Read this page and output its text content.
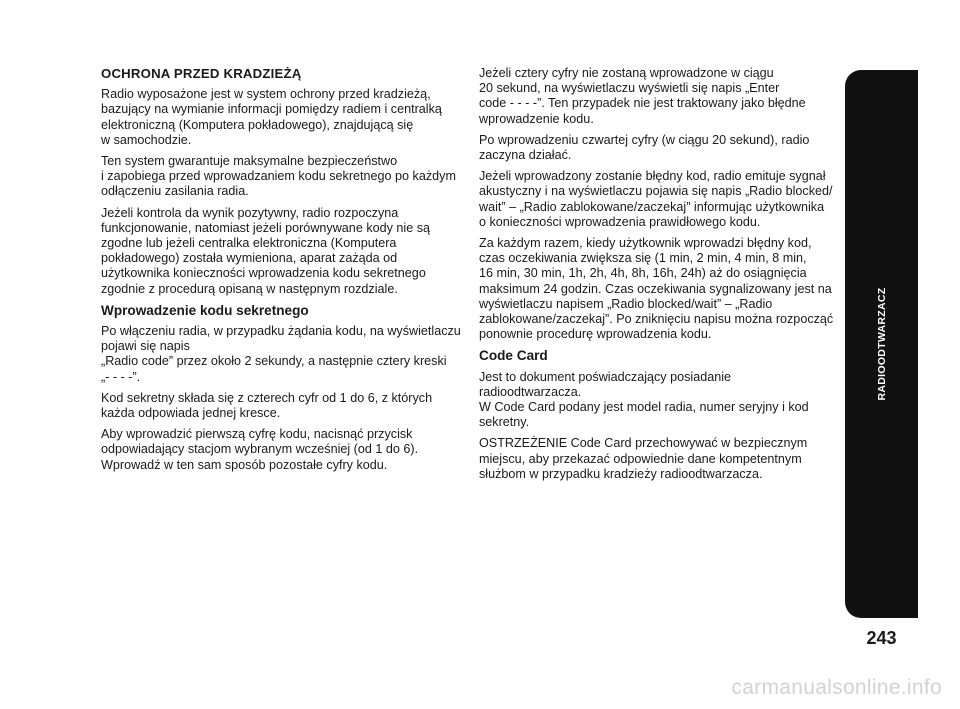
OCHRONA PRZED KRADZIEŻĄ

Radio wyposażone jest w system ochrony przed kradzieżą,
bazujący na wymianie informacji pomiędzy radiem i centralką
elektroniczną (Komputera pokładowego), znajdującą się
w samochodzie.

Ten system gwarantuje maksymalne bezpieczeństwo
i zapobiega przed wprowadzaniem kodu sekretnego po każdym
odłączeniu zasilania radia.

Jeżeli kontrola da wynik pozytywny, radio rozpoczyna
funkcjonowanie, natomiast jeżeli porównywane kody nie są
zgodne lub jeżeli centralka elektroniczna (Komputera
pokładowego) została wymieniona, aparat zażąda od
użytkownika konieczności wprowadzenia kodu sekretnego
zgodnie z procedurą opisaną w następnym rozdziale.

Wprowadzenie kodu sekretnego

Po włączeniu radia, w przypadku żądania kodu, na wyświetlaczu
pojawi się napis
„Radio code” przez około 2 sekundy, a następnie cztery kreski
„- - - -”.

Kod sekretny składa się z czterech cyfr od 1 do 6, z których
każda odpowiada jednej kresce.

Aby wprowadzić pierwszą cyfrę kodu, nacisnąć przycisk
odpowiadający stacjom wybranym wcześniej (od 1 do 6).
Wprowadź w ten sam sposób pozostałe cyfry kodu.

Jeżeli cztery cyfry nie zostaną wprowadzone w ciągu
20 sekund, na wyświetlaczu wyświetli się napis „Enter
code - - - -”. Ten przypadek nie jest traktowany jako błędne
wprowadzenie kodu.

Po wprowadzeniu czwartej cyfry (w ciągu 20 sekund), radio
zaczyna działać.

Jeżeli wprowadzony zostanie błędny kod, radio emituje sygnał
akustyczny i na wyświetlaczu pojawia się napis „Radio blocked/
wait” – „Radio zablokowane/zaczekaj” informując użytkownika
o konieczności wprowadzenia prawidłowego kodu.

Za każdym razem, kiedy użytkownik wprowadzi błędny kod,
czas oczekiwania zwiększa się (1 min, 2 min, 4 min, 8 min,
16 min, 30 min, 1h, 2h, 4h, 8h, 16h, 24h) aż do osiągnięcia
maksimum 24 godzin. Czas oczekiwania sygnalizowany jest na
wyświetlaczu napisem „Radio blocked/wait” – „Radio
zablokowane/zaczekaj”. Po zniknięciu napisu można rozpocząć
ponownie procedurę wprowadzenia kodu.

Code Card

Jest to dokument poświadczający posiadanie radioodtwarzacza.
W Code Card podany jest model radia, numer seryjny i kod
sekretny.

OSTRZEŻENIE Code Card przechowywać w bezpiecznym
miejscu, aby przekazać odpowiednie dane kompetentnym
służbom w przypadku kradzieży radioodtwarzacza.

RADIOODTWARZACZ
243
carmanualsonline.info
